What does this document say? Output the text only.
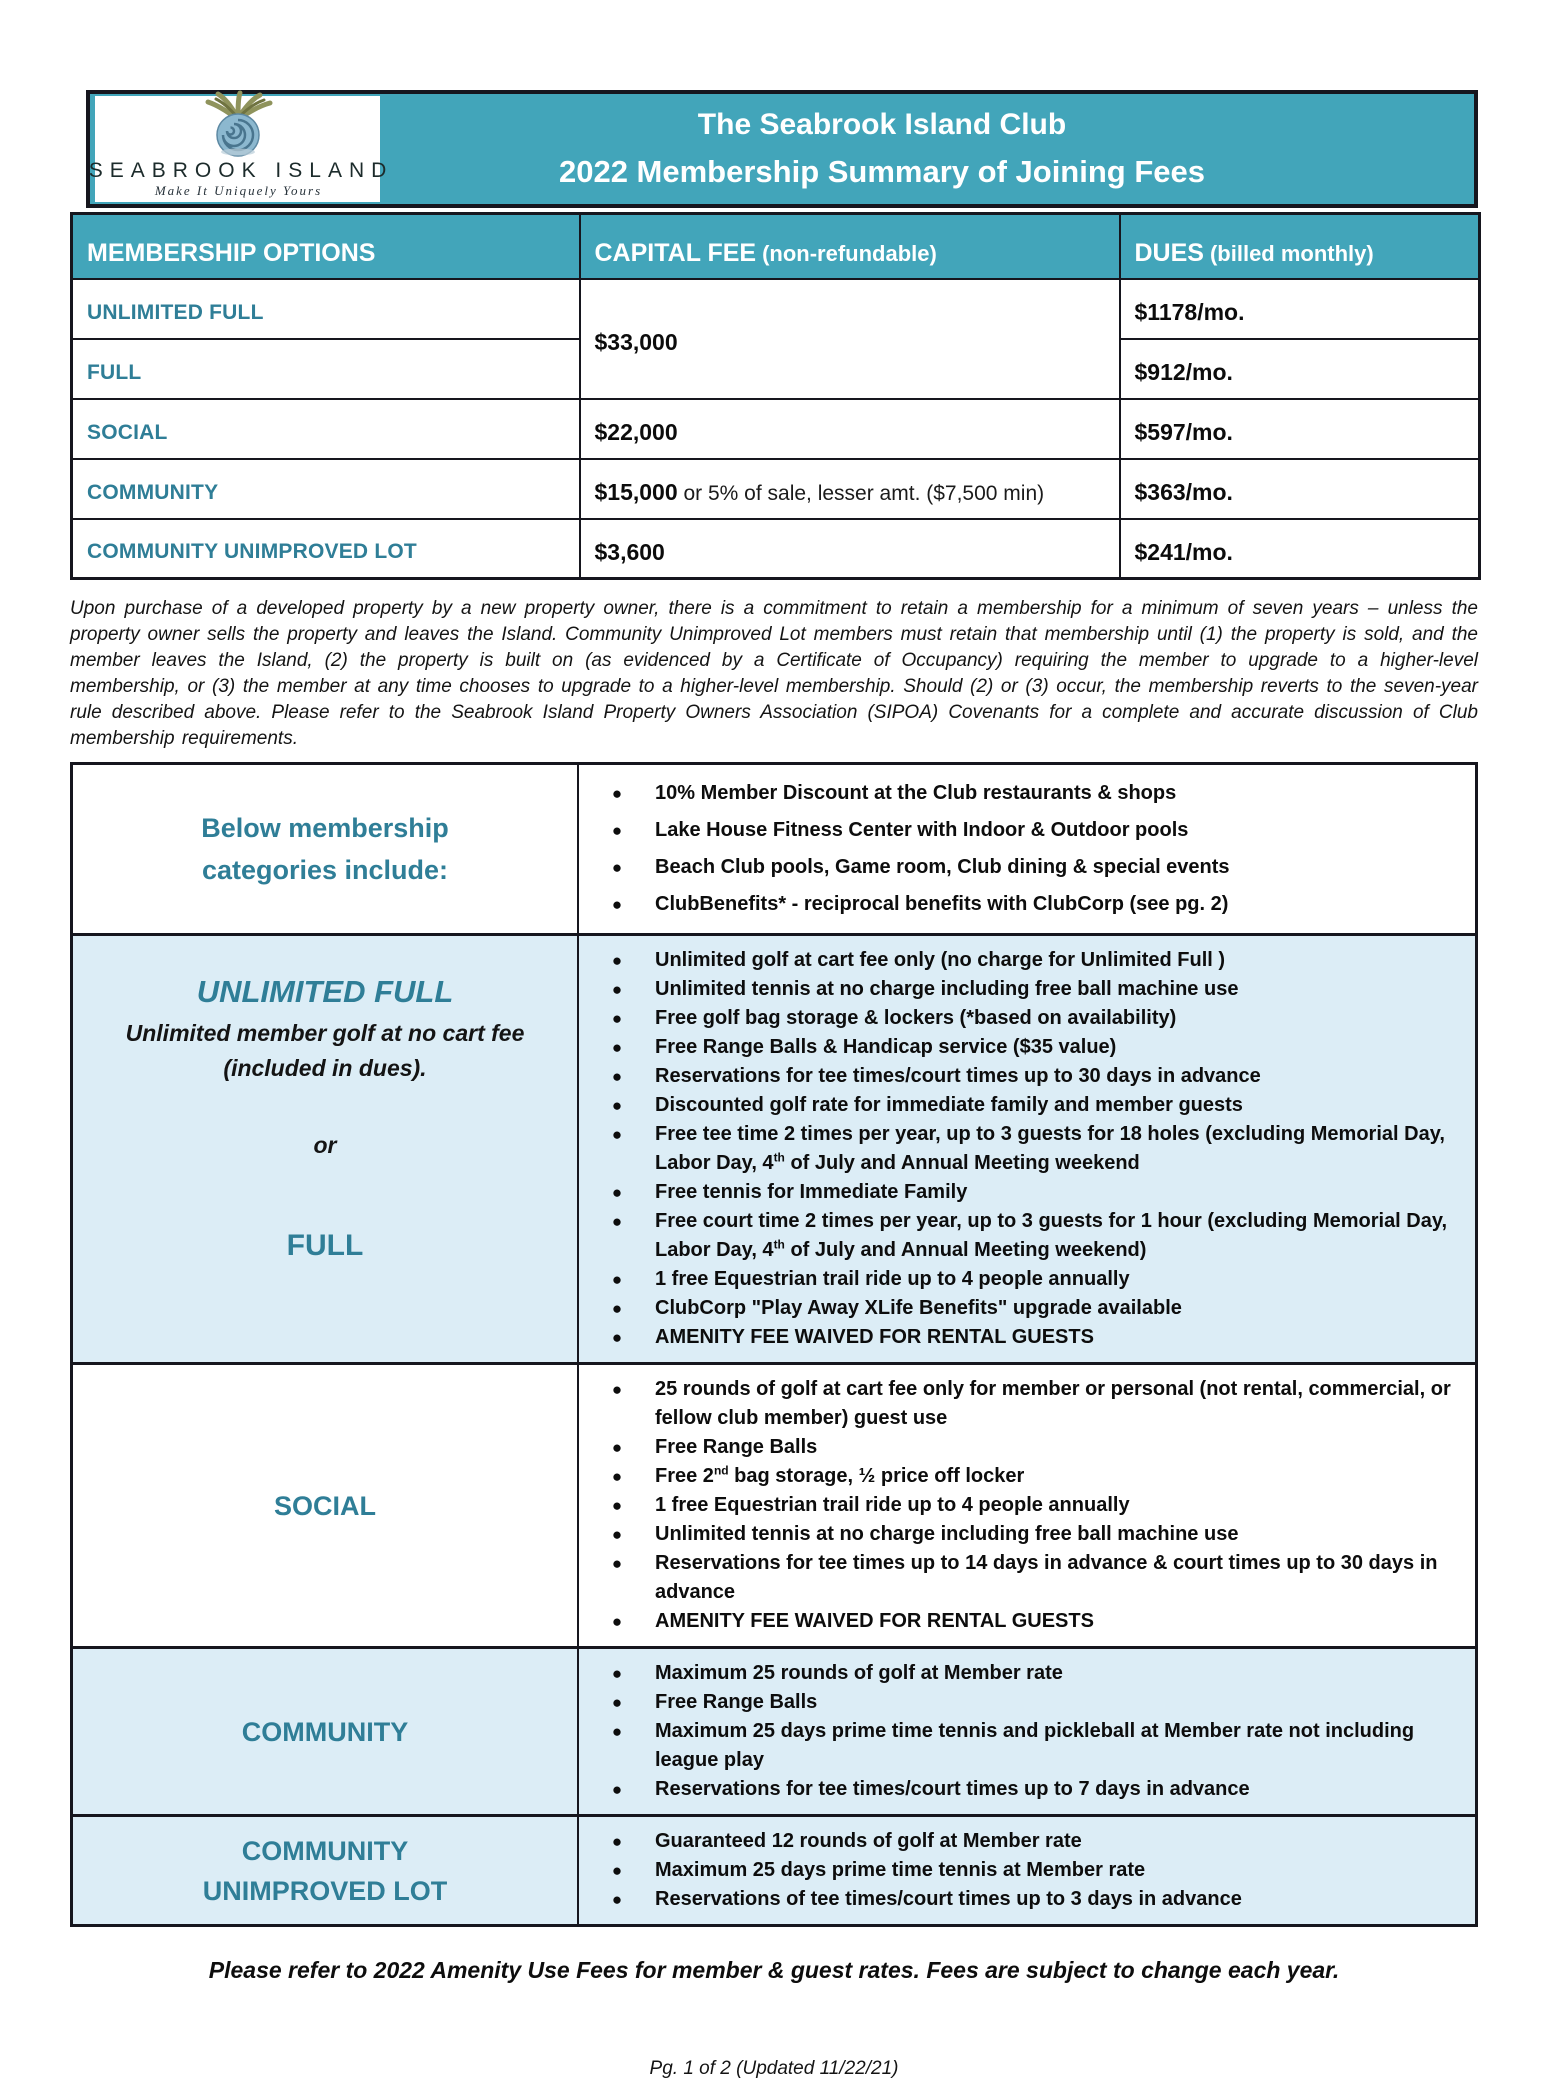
The Seabrook Island Club
2022 Membership Summary of Joining Fees
SEABROOK ISLAND
Make It Uniquely Yours
MEMBERSHIP OPTIONS	CAPITAL FEE (non-refundable)	DUES (billed monthly)
UNLIMITED FULL	$33,000	$1178/mo.
FULL		$912/mo.
SOCIAL	$22,000	$597/mo.
COMMUNITY	$15,000 or 5% of sale, lesser amt. ($7,500 min)	$363/mo.
COMMUNITY UNIMPROVED LOT	$3,600	$241/mo.

Upon purchase of a developed property by a new property owner, there is a commitment to retain a membership for a minimum of seven years – unless the property owner sells the property and leaves the Island. Community Unimproved Lot members must retain that membership until (1) the property is sold, and the member leaves the Island, (2) the property is built on (as evidenced by a Certificate of Occupancy) requiring the member to upgrade to a higher-level membership, or (3) the member at any time chooses to upgrade to a higher-level membership. Should (2) or (3) occur, the membership reverts to the seven-year rule described above. Please refer to the Seabrook Island Property Owners Association (SIPOA) Covenants for a complete and accurate discussion of Club membership requirements.

Below membership
categories include:
●	10% Member Discount at the Club restaurants & shops
●	Lake House Fitness Center with Indoor & Outdoor pools
●	Beach Club pools, Game room, Club dining & special events
●	ClubBenefits* - reciprocal benefits with ClubCorp (see pg. 2)
UNLIMITED FULL
Unlimited member golf at no cart fee
(included in dues).
or
FULL
●	Unlimited golf at cart fee only (no charge for Unlimited Full )
●	Unlimited tennis at no charge including free ball machine use
●	Free golf bag storage & lockers (*based on availability)
●	Free Range Balls & Handicap service ($35 value)
●	Reservations for tee times/court times up to 30 days in advance
●	Discounted golf rate for immediate family and member guests
●	Free tee time 2 times per year, up to 3 guests for 18 holes (excluding Memorial Day, Labor Day, 4th of July and Annual Meeting weekend
●	Free tennis for Immediate Family
●	Free court time 2 times per year, up to 3 guests for 1 hour (excluding Memorial Day, Labor Day, 4th of July and Annual Meeting weekend)
●	1 free Equestrian trail ride up to 4 people annually
●	ClubCorp "Play Away XLife Benefits" upgrade available
●	AMENITY FEE WAIVED FOR RENTAL GUESTS
SOCIAL
●	25 rounds of golf at cart fee only for member or personal (not rental, commercial, or fellow club member) guest use
●	Free Range Balls
●	Free 2nd bag storage, ½ price off locker
●	1 free Equestrian trail ride up to 4 people annually
●	Unlimited tennis at no charge including free ball machine use
●	Reservations for tee times up to 14 days in advance & court times up to 30 days in advance
●	AMENITY FEE WAIVED FOR RENTAL GUESTS
COMMUNITY
●	Maximum 25 rounds of golf at Member rate
●	Free Range Balls
●	Maximum 25 days prime time tennis and pickleball at Member rate not including league play
●	Reservations for tee times/court times up to 7 days in advance
COMMUNITY
UNIMPROVED LOT
●	Guaranteed 12 rounds of golf at Member rate
●	Maximum 25 days prime time tennis at Member rate
●	Reservations of tee times/court times up to 3 days in advance
Please refer to 2022 Amenity Use Fees for member & guest rates. Fees are subject to change each year.
Pg. 1 of 2 (Updated 11/22/21)
